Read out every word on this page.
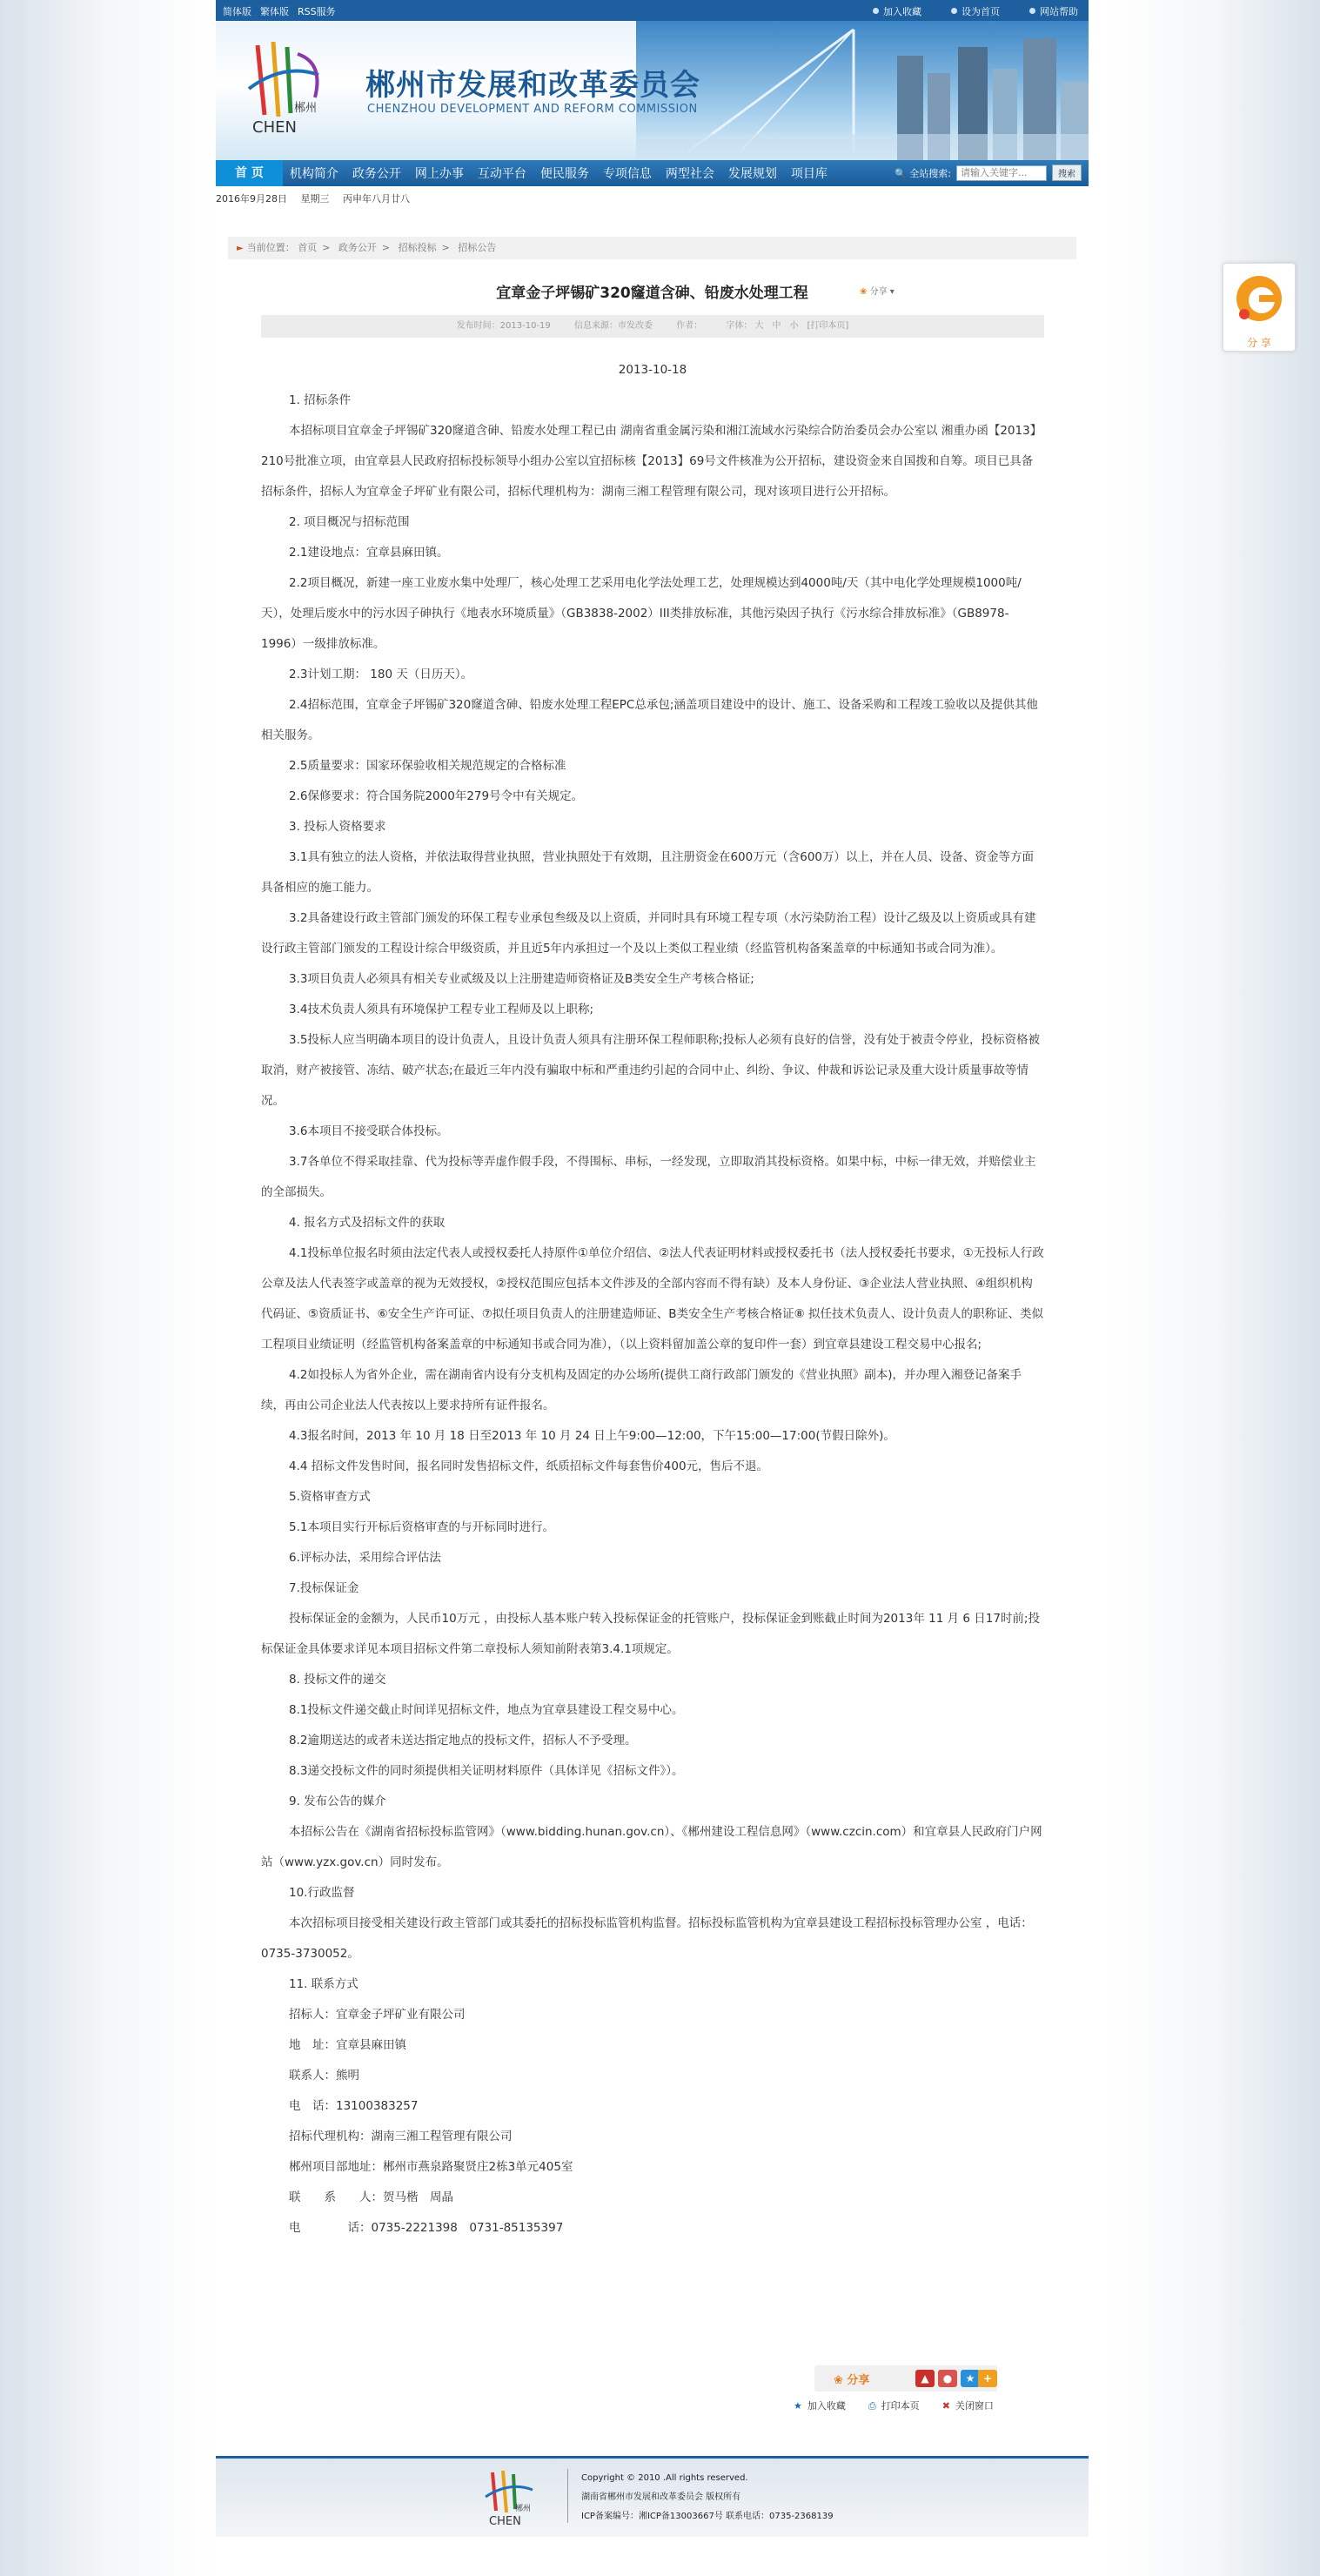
简体版 繁体版 RSS服务	加入收藏	设为首页	网站帮助
郴州
CHEN
郴州市发展和改革委员会
CHENZHOU DEVELOPMENT AND REFORM COMMISSION
首 页	机构简介	政务公开	网上办事	互动平台	便民服务	专项信息	两型社会	发展规划	项目库	🔍 全站搜索:
请输入关键字...	搜索
2016年9月28日 星期三 丙申年八月廿八
► 当前位置： 首页 > 政务公开 > 招标投标 > 招标公告
宜章金子坪锡矿320窿道含砷、铅废水处理工程	❀ 分享 ▾
发布时间：2013-10-19	信息来源：市发改委	作者：	字体： 大　中　小　[打印本页]

2013-10-18

1. 招标条件

本招标项目宜章金子坪锡矿320窿道含砷、铅废水处理工程已由 湖南省重金属污染和湘江流域水污染综合防治委员会办公室以 湘重办函【2013】210号批准立项，由宜章县人民政府招标投标领导小组办公室以宜招标核【2013】69号文件核准为公开招标，建设资金来自国拨和自筹。项目已具备招标条件，招标人为宜章金子坪矿业有限公司，招标代理机构为：湖南三湘工程管理有限公司，现对该项目进行公开招标。

2. 项目概况与招标范围

2.1建设地点：宜章县麻田镇。

2.2项目概况，新建一座工业废水集中处理厂，核心处理工艺采用电化学法处理工艺，处理规模达到4000吨/天（其中电化学处理规模1000吨/天），处理后废水中的污水因子砷执行《地表水环境质量》（GB3838-2002）III类排放标准，其他污染因子执行《污水综合排放标准》（GB8978-1996）一级排放标准。

2.3计划工期： 180 天（日历天）。

2.4招标范围，宜章金子坪锡矿320窿道含砷、铅废水处理工程EPC总承包;涵盖项目建设中的设计、施工、设备采购和工程竣工验收以及提供其他相关服务。

2.5质量要求：国家环保验收相关规范规定的合格标准

2.6保修要求：符合国务院2000年279号令中有关规定。

3. 投标人资格要求

3.1具有独立的法人资格，并依法取得营业执照，营业执照处于有效期，且注册资金在600万元（含600万）以上，并在人员、设备、资金等方面具备相应的施工能力。

3.2具备建设行政主管部门颁发的环保工程专业承包叁级及以上资质，并同时具有环境工程专项（水污染防治工程）设计乙级及以上资质或具有建设行政主管部门颁发的工程设计综合甲级资质，并且近5年内承担过一个及以上类似工程业绩（经监管机构备案盖章的中标通知书或合同为准）。

3.3项目负责人必须具有相关专业贰级及以上注册建造师资格证及B类安全生产考核合格证;

3.4技术负责人须具有环境保护工程专业工程师及以上职称;

3.5投标人应当明确本项目的设计负责人，且设计负责人须具有注册环保工程师职称;投标人必须有良好的信誉，没有处于被责令停业，投标资格被取消，财产被接管、冻结、破产状态;在最近三年内没有骗取中标和严重违约引起的合同中止、纠纷、争议、仲裁和诉讼记录及重大设计质量事故等情况。

3.6本项目不接受联合体投标。

3.7各单位不得采取挂靠、代为投标等弄虚作假手段，不得围标、串标，一经发现，立即取消其投标资格。如果中标，中标一律无效，并赔偿业主的全部损失。

4. 报名方式及招标文件的获取

4.1投标单位报名时须由法定代表人或授权委托人持原件①单位介绍信、②法人代表证明材料或授权委托书（法人授权委托书要求，①无投标人行政公章及法人代表签字或盖章的视为无效授权，②授权范围应包括本文件涉及的全部内容而不得有缺）及本人身份证、③企业法人营业执照、④组织机构代码证、⑤资质证书、⑥安全生产许可证、⑦拟任项目负责人的注册建造师证、B类安全生产考核合格证⑧ 拟任技术负责人、设计负责人的职称证、类似工程项目业绩证明（经监管机构备案盖章的中标通知书或合同为准），（以上资料留加盖公章的复印件一套）到宜章县建设工程交易中心报名;

4.2如投标人为省外企业，需在湖南省内设有分支机构及固定的办公场所(提供工商行政部门颁发的《营业执照》副本)，并办理入湘登记备案手续，再由公司企业法人代表按以上要求持所有证件报名。

4.3报名时间，2013 年 10 月 18 日至2013 年 10 月 24 日上午9:00—12:00，下午15:00—17:00(节假日除外)。

4.4 招标文件发售时间，报名同时发售招标文件，纸质招标文件每套售价400元，售后不退。

5.资格审查方式

5.1本项目实行开标后资格审查的与开标同时进行。

6.评标办法，采用综合评估法

7.投标保证金

投标保证金的金额为，人民币10万元 ，由投标人基本账户转入投标保证金的托管账户，投标保证金到账截止时间为2013年 11 月 6 日17时前;投标保证金具体要求详见本项目招标文件第二章投标人须知前附表第3.4.1项规定。

8. 投标文件的递交

8.1投标文件递交截止时间详见招标文件，地点为宜章县建设工程交易中心。

8.2逾期送达的或者未送达指定地点的投标文件，招标人不予受理。

8.3递交投标文件的同时须提供相关证明材料原件（具体详见《招标文件》）。

9. 发布公告的媒介

本招标公告在《湖南省招标投标监管网》（www.bidding.hunan.gov.cn）、《郴州建设工程信息网》（www.czcin.com）和宜章县人民政府门户网站（www.yzx.gov.cn）同时发布。

10.行政监督

本次招标项目接受相关建设行政主管部门或其委托的招标投标监管机构监督。招标投标监管机构为宜章县建设工程招标投标管理办公室 ，电话： 0735-3730052。

11. 联系方式

招标人：宜章金子坪矿业有限公司

地　址：宜章县麻田镇

联系人：熊明

电　话：13100383257

招标代理机构：湖南三湘工程管理有限公司

郴州项目部地址：郴州市燕泉路聚贤庄2栋3单元405室

联　　系　　人：贺马楷　周晶

电　　　　话：0735-2221398　0731-85135397

❀ 分享	▲	●	★ +
★ 加入收藏 ⎙ 打印本页 ✖ 关闭窗口
郴州
CHEN
Copyright © 2010 .All rights reserved.
湖南省郴州市发展和改革委员会 版权所有
ICP备案编号：湘ICP备13003667号 联系电话：0735-2368139
分 享
